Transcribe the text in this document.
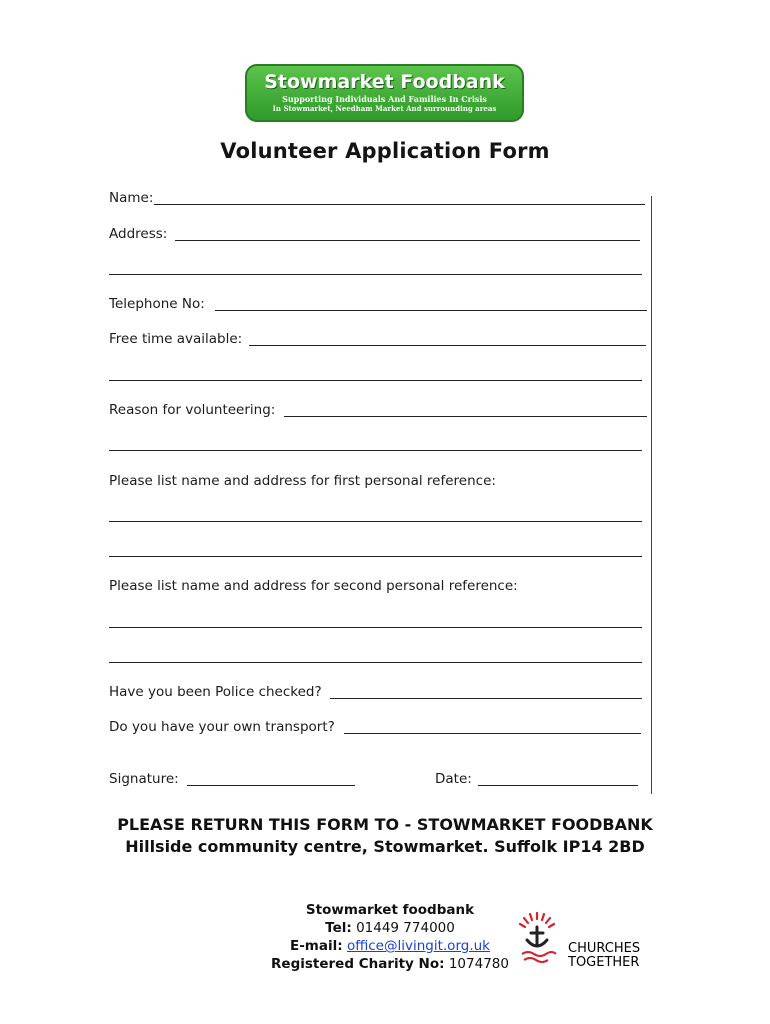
Stowmarket Foodbank
Supporting Individuals And Families In Crisis
In Stowmarket, Needham Market And surrounding areas
Volunteer Application Form
Name:
Address:
Telephone No:
Free time available:
Reason for volunteering:
Please list name and address for first personal reference:
Please list name and address for second personal reference:
Have you been Police checked?
Do you have your own transport?
Signature:	Date:
PLEASE RETURN THIS FORM TO - STOWMARKET FOODBANK
Hillside community centre, Stowmarket. Suffolk IP14 2BD
Stowmarket foodbank
Tel: 01449 774000
E-mail: office@livingit.org.uk
Registered Charity No: 1074780
CHURCHES
TOGETHER
